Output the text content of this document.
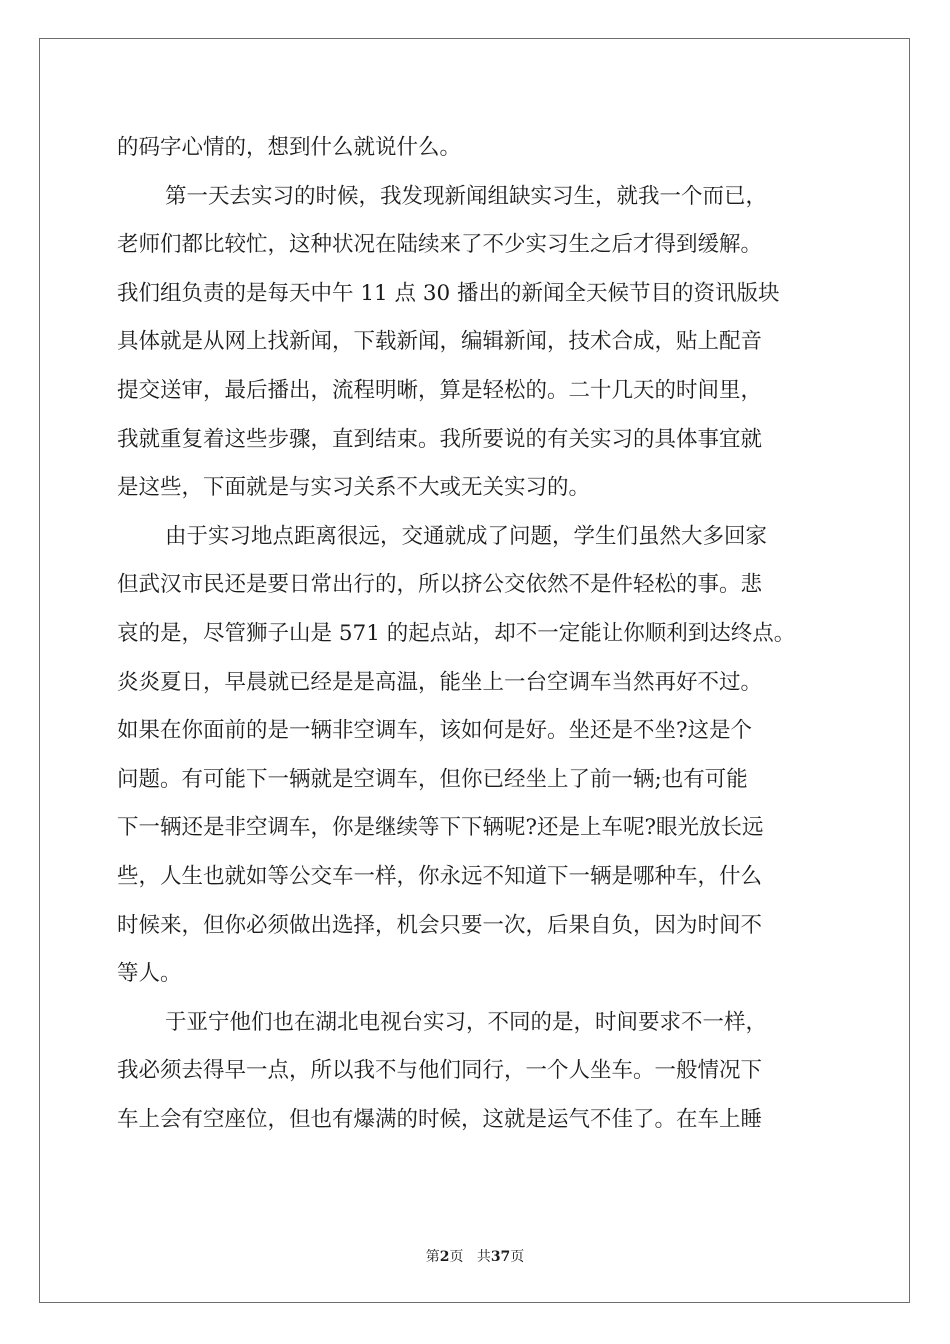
的码字心情的，想到什么就说什么。
第一天去实习的时候，我发现新闻组缺实习生，就我一个而已，
老师们都比较忙，这种状况在陆续来了不少实习生之后才得到缓解。
我们组负责的是每天中午 11 点 30 播出的新闻全天候节目的资讯版块
具体就是从网上找新闻，下载新闻，编辑新闻，技术合成，贴上配音
提交送审，最后播出，流程明晰，算是轻松的。二十几天的时间里，
我就重复着这些步骤，直到结束。我所要说的有关实习的具体事宜就
是这些，下面就是与实习关系不大或无关实习的。
由于实习地点距离很远，交通就成了问题，学生们虽然大多回家
但武汉市民还是要日常出行的，所以挤公交依然不是件轻松的事。悲
哀的是，尽管狮子山是 571 的起点站，却不一定能让你顺利到达终点。
炎炎夏日，早晨就已经是是高温，能坐上一台空调车当然再好不过。
如果在你面前的是一辆非空调车，该如何是好。坐还是不坐?这是个
问题。有可能下一辆就是空调车，但你已经坐上了前一辆;也有可能
下一辆还是非空调车，你是继续等下下辆呢?还是上车呢?眼光放长远
些，人生也就如等公交车一样，你永远不知道下一辆是哪种车，什么
时候来，但你必须做出选择，机会只要一次，后果自负，因为时间不
等人。
于亚宁他们也在湖北电视台实习，不同的是，时间要求不一样，
我必须去得早一点，所以我不与他们同行，一个人坐车。一般情况下
车上会有空座位，但也有爆满的时候，这就是运气不佳了。在车上睡
第2页 共37页
